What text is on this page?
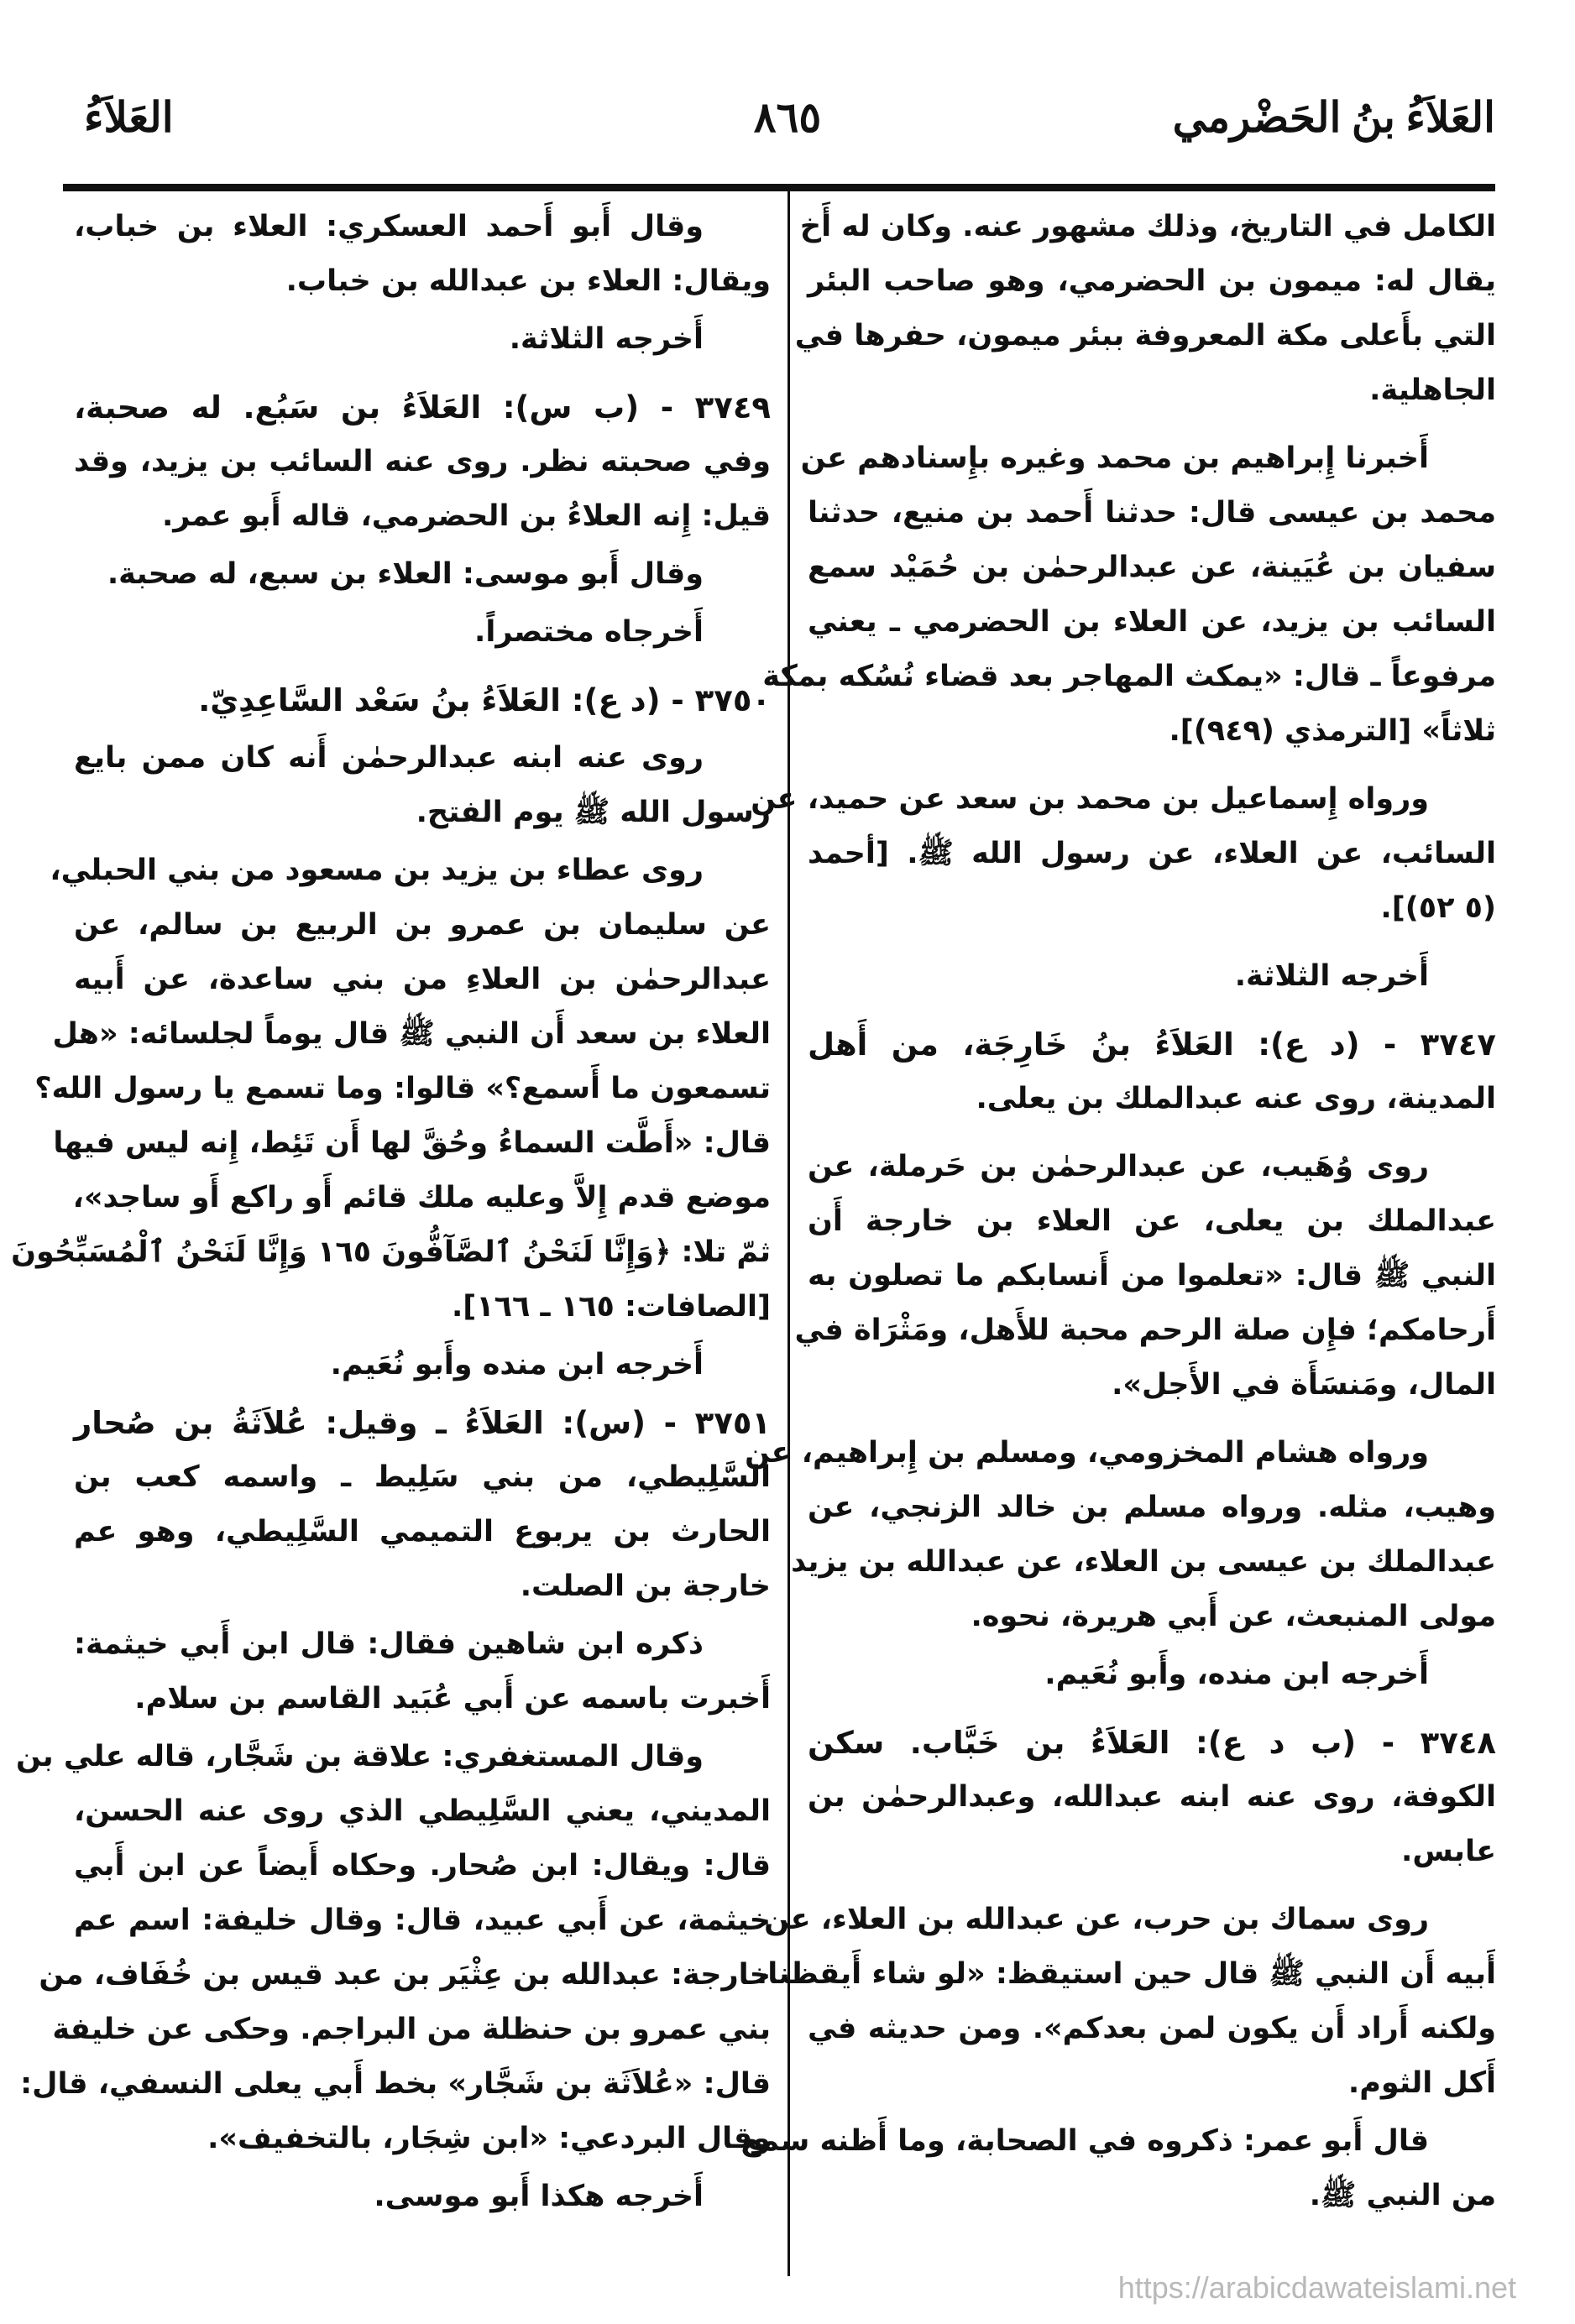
العَلاَءُ بنُ الحَضْرمي
٨٦٥
العَلاَءُ
الكامل في التاريخ، وذلك مشهور عنه. وكان له أَخ
يقال له: ميمون بن الحضرمي، وهو صاحب البئر
التي بأَعلى مكة المعروفة ببئر ميمون، حفرها في
الجاهلية.
أَخبرنا إِبراهيم بن محمد وغيره بإِسنادهم عن
محمد بن عيسى قال: حدثنا أَحمد بن منيع، حدثنا
سفيان بن عُيَينة، عن عبدالرحمٰن بن حُمَيْد سمع
السائب بن يزيد، عن العلاء بن الحضرمي ـ يعني
مرفوعاً ـ قال: «يمكث المهاجر بعد قضاء نُسُكه بمكة
ثلاثاً» [الترمذي (٩٤٩)].
ورواه إِسماعيل بن محمد بن سعد عن حميد، عن
السائب، عن العلاء، عن رسول الله ﷺ. [أحمد
(٥ ٥٢)].
أَخرجه الثلاثة.
٣٧٤٧ - (د ع): العَلاَءُ بنُ خَارِجَة، من أَهل
المدينة، روى عنه عبدالملك بن يعلى.
روى وُهَيب، عن عبدالرحمٰن بن حَرملة، عن
عبدالملك بن يعلى، عن العلاء بن خارجة أَن
النبي ﷺ قال: «تعلموا من أَنسابكم ما تصلون به
أَرحامكم؛ فإِن صلة الرحم محبة للأَهل، ومَثْرَاة في
المال، ومَنسَأَة في الأَجل».
ورواه هشام المخزومي، ومسلم بن إِبراهيم، عن
وهيب، مثله. ورواه مسلم بن خالد الزنجي، عن
عبدالملك بن عيسى بن العلاء، عن عبدالله بن يزيد
مولى المنبعث، عن أَبي هريرة، نحوه.
أَخرجه ابن منده، وأَبو نُعَيم.
٣٧٤٨ - (ب د ع): العَلاَءُ بن خَبَّاب. سكن
الكوفة، روى عنه ابنه عبدالله، وعبدالرحمٰن بن
عابس.
روى سماك بن حرب، عن عبدالله بن العلاء، عن
أَبيه أَن النبي ﷺ قال حين استيقظ: «لو شاء أَيقظنا،
ولكنه أَراد أَن يكون لمن بعدكم». ومن حديثه في
أَكل الثوم.
قال أَبو عمر: ذكروه في الصحابة، وما أَظنه سمع
من النبي ﷺ.
وقال أَبو أَحمد العسكري: العلاء بن خباب،
ويقال: العلاء بن عبدالله بن خباب.
أَخرجه الثلاثة.
٣٧٤٩ - (ب س): العَلاَءُ بن سَبُع. له صحبة،
وفي صحبته نظر. روى عنه السائب بن يزيد، وقد
قيل: إِنه العلاءُ بن الحضرمي، قاله أَبو عمر.
وقال أَبو موسى: العلاء بن سبع، له صحبة.
أَخرجاه مختصراً.
٣٧٥٠ - (د ع): العَلاَءُ بنُ سَعْد السَّاعِدِيّ.
روى عنه ابنه عبدالرحمٰن أَنه كان ممن بايع
رسول الله ﷺ يوم الفتح.
روى عطاء بن يزيد بن مسعود من بني الحبلي،
عن سليمان بن عمرو بن الربيع بن سالم، عن
عبدالرحمٰن بن العلاءِ من بني ساعدة، عن أَبيه
العلاء بن سعد أَن النبي ﷺ قال يوماً لجلسائه: «هل
تسمعون ما أَسمع؟» قالوا: وما تسمع يا رسول الله؟
قال: «أَطَّت السماءُ وحُقَّ لها أَن تَئِط، إِنه ليس فيها
موضع قدم إِلاَّ وعليه ملك قائم أَو راكع أَو ساجد»،
ثمّ تلا: ﴿وَإِنَّا لَنَحْنُ ٱلصَّآفُّونَ ١٦٥ وَإِنَّا لَنَحْنُ ٱلْمُسَبِّحُونَ
[الصافات: ١٦٥ ـ ١٦٦].
أَخرجه ابن منده وأَبو نُعَيم.
٣٧٥١ - (س): العَلاَءُ ـ وقيل: عُلاَثَةُ بن صُحار
السَّلِيطي، من بني سَلِيط ـ واسمه كعب بن
الحارث بن يربوع التميمي السَّلِيطي، وهو عم
خارجة بن الصلت.
ذكره ابن شاهين فقال: قال ابن أَبي خيثمة:
أَخبرت باسمه عن أَبي عُبَيد القاسم بن سلام.
وقال المستغفري: علاقة بن شَجَّار، قاله علي بن
المديني، يعني السَّلِيطي الذي روى عنه الحسن،
قال: ويقال: ابن صُحار. وحكاه أَيضاً عن ابن أَبي
خيثمة، عن أَبي عبيد، قال: وقال خليفة: اسم عم
خارجة: عبدالله بن عِثْيَر بن عبد قيس بن خُفَاف، من
بني عمرو بن حنظلة من البراجم. وحكى عن خليفة
قال: «عُلاَثَة بن شَجَّار» بخط أَبي يعلى النسفي، قال:
وقال البردعي: «ابن شِجَار، بالتخفيف».
أَخرجه هكذا أَبو موسى.
https://arabicdawateislami.net
